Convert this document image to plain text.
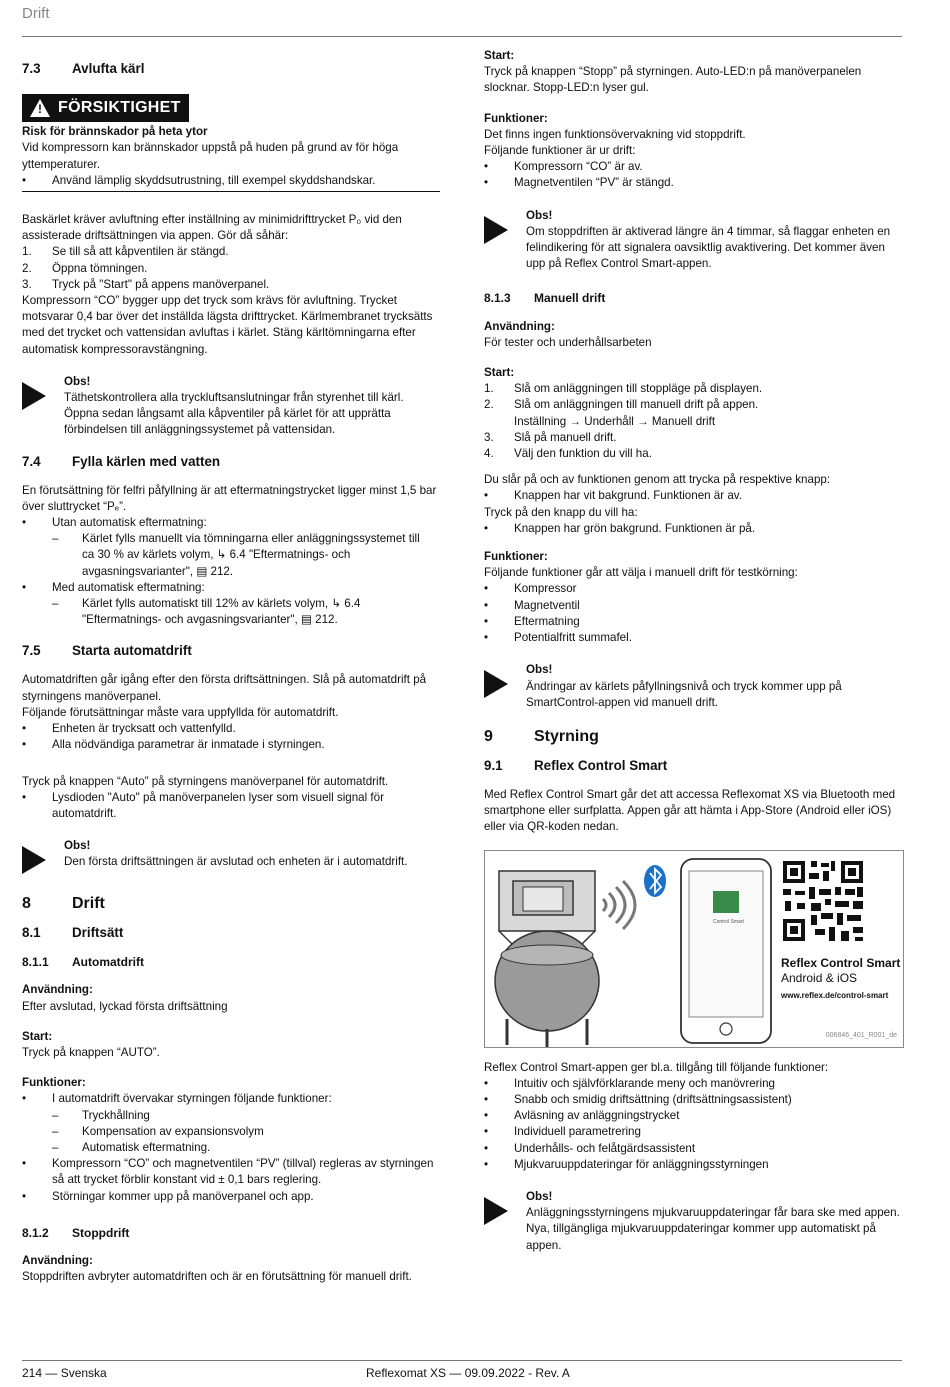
Drift
7.3	Avlufta kärl
!
FÖRSIKTIGHET

Risk för brännskador på heta ytor

Vid kompressorn kan brännskador uppstå på huden på grund av för höga yttemperaturer.

•	Använd lämplig skyddsutrustning, till exempel skyddshandskar.

Baskärlet kräver avluftning efter inställning av minimidrifttrycket P₀ vid den assisterade driftsättningen via appen. Gör då såhär:

1.	Se till så att kåpventilen är stängd.
2.	Öppna tömningen.
3.	Tryck på "Start" på appens manöverpanel.

Kompressorn “CO” bygger upp det tryck som krävs för avluftning. Trycket motsvarar 0,4 bar över det inställda lägsta drifttrycket. Kärlmembranet trycksätts med det trycket och vattensidan avluftas i kärlet. Stäng kärltömningarna efter automatisk kompressoravstängning.

Obs!

Täthetskontrollera alla tryckluftsanslutningar från styrenhet till kärl. Öppna sedan långsamt alla kåpventiler på kärlet för att upprätta förbindelsen till anläggningssystemet på vattensidan.

7.4	Fylla kärlen med vatten

En förutsättning för felfri påfyllning är att eftermatningstrycket ligger minst 1,5 bar över sluttrycket “Pₑ”.

•	Utan automatisk eftermatning:
–	Kärlet fylls manuellt via tömningarna eller anläggningssystemet till
ca 30 % av kärlets volym, ↳ 6.4 "Eftermatnings- och
avgasningsvarianter", ▤ 212.
•	Med automatisk eftermatning:
–	Kärlet fylls automatiskt till 12% av kärlets volym, ↳ 6.4
"Eftermatnings- och avgasningsvarianter", ▤ 212.
7.5	Starta automatdrift

Automatdriften går igång efter den första driftsättningen. Slå på automatdrift på styrningens manöverpanel.

Följande förutsättningar måste vara uppfyllda för automatdrift.

•	Enheten är trycksatt och vattenfylld.
•	Alla nödvändiga parametrar är inmatade i styrningen.

Tryck på knappen “Auto” på styrningens manöverpanel för automatdrift.

•	Lysdioden "Auto" på manöverpanelen lyser som visuell signal för automatdrift.

Obs!

Den första driftsättningen är avslutad och enheten är i automatdrift.

8	Drift
8.1	Driftsätt
8.1.1	Automatdrift

Användning:

Efter avslutad, lyckad första driftsättning

Start:

Tryck på knappen “AUTO”.

Funktioner:

•	I automatdrift övervakar styrningen följande funktioner:
–	Tryckhållning
–	Kompensation av expansionsvolym
–	Automatisk eftermatning.
•	Kompressorn “CO” och magnetventilen “PV” (tillval) regleras av styrningen så att trycket förblir konstant vid ± 0,1 bars reglering.
•	Störningar kommer upp på manöverpanel och app.
8.1.2	Stoppdrift

Användning:

Stoppdriften avbryter automatdriften och är en förutsättning för manuell drift.

Start:

Tryck på knappen “Stopp” på styrningen. Auto-LED:n på manöverpanelen slocknar. Stopp-LED:n lyser gul.

Funktioner:

Det finns ingen funktionsövervakning vid stoppdrift.

Följande funktioner är ur drift:

•	Kompressorn “CO” är av.
•	Magnetventilen “PV” är stängd.

Obs!

Om stoppdriften är aktiverad längre än 4 timmar, så flaggar enheten en felindikering för att signalera oavsiktlig avaktivering. Det kommer även upp på Reflex Control Smart-appen.

8.1.3	Manuell drift

Användning:

För tester och underhållsarbeten

Start:

1.	Slå om anläggningen till stoppläge på displayen.
2.	Slå om anläggningen till manuell drift på appen.
Inställning → Underhåll → Manuell drift
3.	Slå på manuell drift.
4.	Välj den funktion du vill ha.

Du slår på och av funktionen genom att trycka på respektive knapp:

•	Knappen har vit bakgrund. Funktionen är av.

Tryck på den knapp du vill ha:

•	Knappen har grön bakgrund. Funktionen är på.

Funktioner:

Följande funktioner går att välja i manuell drift för testkörning:

•	Kompressor
•	Magnetventil
•	Eftermatning
•	Potentialfritt summafel.

Obs!

Ändringar av kärlets påfyllningsnivå och tryck kommer upp på SmartControl-appen vid manuell drift.

9	Styrning
9.1	Reflex Control Smart

Med Reflex Control Smart går det att accessa Reflexomat XS via Bluetooth med smartphone eller surfplatta. Appen går att hämta i App-Store (Android eller iOS) eller via QR-koden nedan.

Control Smart
Reflex Control Smart
Android & iOS
www.reflex.de/control-smart
006846_401_R001_de

Reflex Control Smart-appen ger bl.a. tillgång till följande funktioner:

•	Intuitiv och självförklarande meny och manövrering
•	Snabb och smidig driftsättning (driftsättningsassistent)
•	Avläsning av anläggningstrycket
•	Individuell parametrering
•	Underhålls- och felåtgärdsassistent
•	Mjukvaruuppdateringar för anläggningsstyrningen

Obs!

Anläggningsstyrningens mjukvaruuppdateringar får bara ske med appen. Nya, tillgängliga mjukvaruuppdateringar kommer upp automatiskt på appen.

214 — Svenska	Reflexomat XS — 09.09.2022 - Rev. A
